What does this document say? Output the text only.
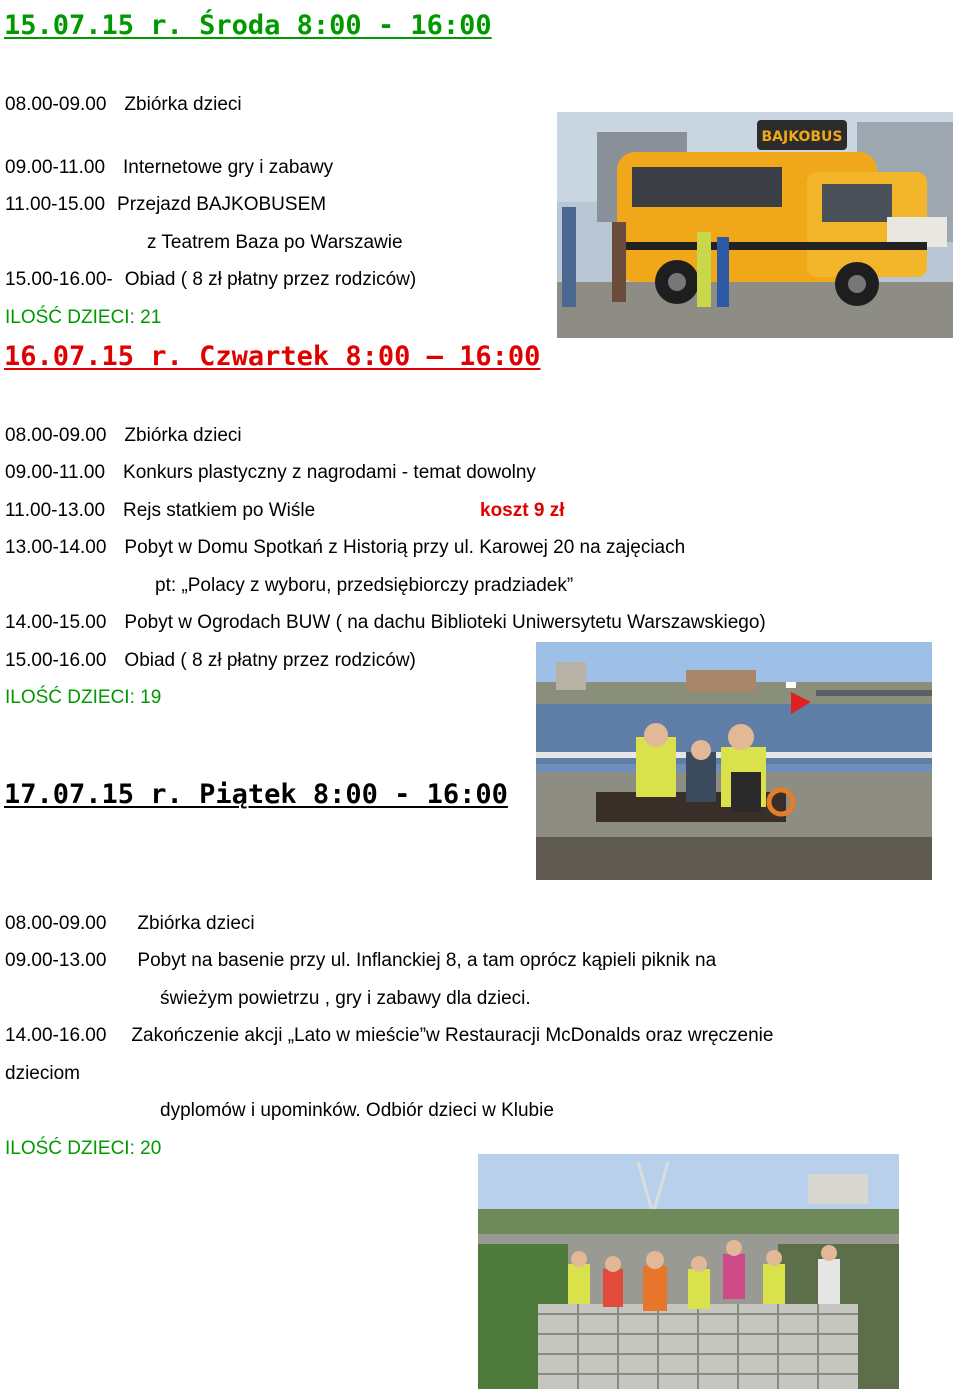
15.07.15 r. Środa 8:00 - 16:00
08.00-09.00 Zbiórka dzieci
09.00-11.00 Internetowe gry i zabawy
11.00-15.00 Przejazd BAJKOBUSEM
z Teatrem Baza po Warszawie
15.00-16.00- Obiad ( 8 zł płatny przez rodziców)
ILOŚĆ DZIECI: 21
BAJKOBUS
16.07.15 r. Czwartek 8:00 – 16:00
08.00-09.00 Zbiórka dzieci
09.00-11.00 Konkurs plastyczny z nagrodami - temat dowolny
11.00-13.00 Rejs statkiem po Wiśle	koszt 9 zł
13.00-14.00 Pobyt w Domu Spotkań z Historią przy ul. Karowej 20 na zajęciach
pt: „Polacy z wyboru, przedsiębiorczy pradziadek”
14.00-15.00 Pobyt w Ogrodach BUW ( na dachu Biblioteki Uniwersytetu Warszawskiego)
15.00-16.00 Obiad ( 8 zł płatny przez rodziców)
ILOŚĆ DZIECI: 19
17.07.15 r. Piątek 8:00 - 16:00
08.00-09.00 Zbiórka dzieci
09.00-13.00 Pobyt na basenie przy ul. Inflanckiej 8, a tam oprócz kąpieli piknik na
świeżym powietrzu , gry i zabawy dla dzieci.
14.00-16.00 Zakończenie akcji „Lato w mieście”w Restauracji McDonalds oraz wręczenie
dzieciom
dyplomów i upominków. Odbiór dzieci w Klubie
ILOŚĆ DZIECI: 20
